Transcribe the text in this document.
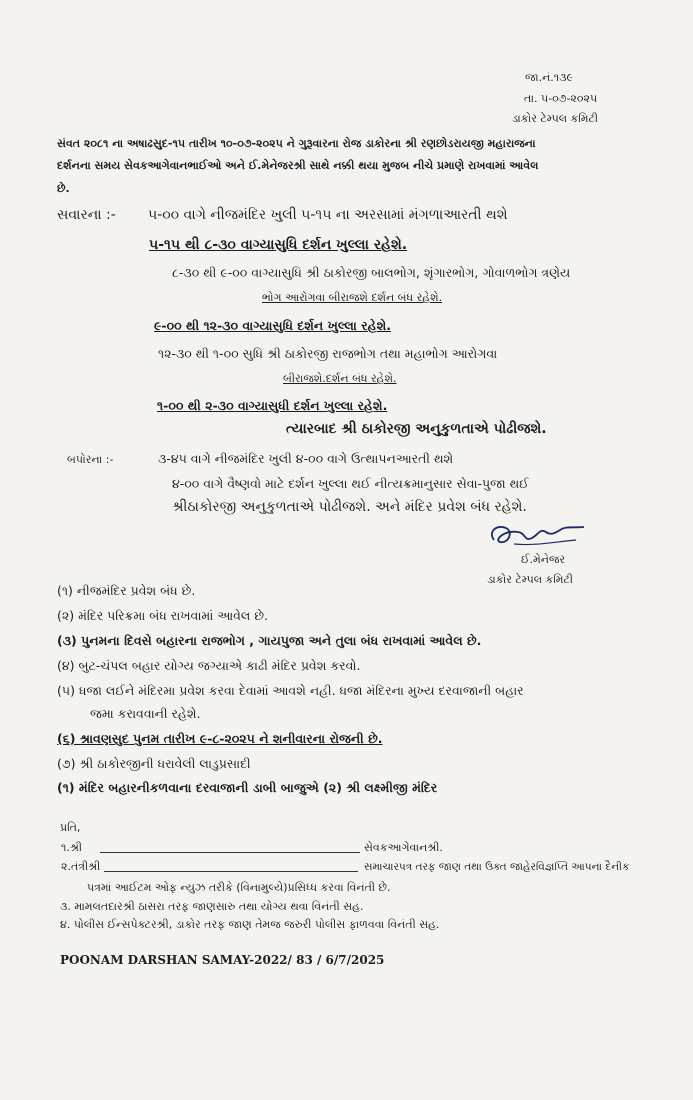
જા.નં.૧૩૯
તા. ૫-૦૭-૨૦૨૫
ડાકોર ટેમ્પલ કમિટી
સંવત ૨૦૮૧ ના અષાઢસુદ-૧૫ તારીખ ૧૦-૦૭-૨૦૨૫ ને ગુરૂવારના રોજ ડાકોરના શ્રી રણછોડરાયજી મહારાજના
દર્શનના સમય સેવકઆગેવાનભાઈઓ અને ઈ.મેનેજરશ્રી સાથે નક્કી થયા મુજબ નીચે પ્રમાણે રાખવામાં આવેલ
છે.
સવારના :- ૫-૦૦ વાગે નીજમંદિર ખુલી ૫-૧૫ ના અરસામાં મંગળાઆરતી થશે
૫-૧૫ થી ૮-૩૦ વાગ્યાસુધિ દર્શન ખુલ્લા રહેશે.
૮-૩૦ થી ૯-૦૦ વાગ્યાસુધિ શ્રી ઠાકોરજી બાલભોગ, શૃંગારભોગ, ગોવાળભોગ ત્રણેય
ભોગ આરોગવા બીરાજશે દર્શન બંધ રહેશે.
૯-૦૦ થી ૧૨-૩૦ વાગ્યાસુધિ દર્શન ખુલ્લા રહેશે.
૧૨-૩૦ થી ૧-૦૦ સુધિ શ્રી ઠાકોરજી રાજભોગ તથા મહાભોગ આરોગવા
બીરાજશે.દર્શન બંધ રહેશે.
૧-૦૦ થી ૨-૩૦ વાગ્યાસુધી દર્શન ખુલ્લા રહેશે.
ત્યારબાદ શ્રી ઠાકોરજી અનુકુળતાએ પોઢીજશે.
બપોરના :-	૩-૪૫ વાગે નીજમંદિર ખુલી ૪-૦૦ વાગે ઉત્થાપનઆરતી થશે
૪-૦૦ વાગે વૈષ્ણવો માટે દર્શન ખુલ્લા થઈ નીત્યક્રમાનુસાર સેવા-પુજા થઈ
શ્રીઠાકોરજી અનુકુળતાએ પોઢીજશે. અને મંદિર પ્રવેશ બંધ રહેશે.
ઈ.મેનેજર
ડાકોર ટેમ્પલ કમિટી
(૧) નીજમંદિર પ્રવેશ બંધ છે.
(૨) મંદિર પરિક્રમા બંધ રાખવામાં આવેલ છે.
(૩) પુનમના દિવસે બહારના રાજભોગ , ગાયપુજા અને તુલા બંધ રાખવામાં આવેલ છે.
(૪) બુટ-ચંપલ બહાર યોગ્ય જગ્યાએ કાઢી મંદિર પ્રવેશ કરવો.
(૫) ધજા લઈને મંદિરમા પ્રવેશ કરવા દેવામાં આવશે નહી. ધજા મંદિરના મુખ્ય દરવાજાની બહાર
જમા કરાવવાની રહેશે.
(૬) શ્રાવણસુદ પુનમ તારીખ ૯-૮-૨૦૨૫ ને શનીવારના રોજની છે.
(૭) શ્રી ઠાકોરજીની ધરાવેલી લાડુપ્રસાદી
(૧) મંદિર બહારનીકળવાના દરવાજાની ડાબી બાજુએ (૨) શ્રી લક્ષ્મીજી મંદિર
પ્રતિ,
૧.શ્રી	સેવકઆગેવાનશ્રી.
૨.તંત્રીશ્રી	સમાચારપત્ર તરફ જાણ તથા ઉક્ત જાહેરવિજ્ઞપ્તિ આપના દૈનીક
પત્રમાં આઈટમ ઓફ ન્યુઝ તરીકે (વિનામુલ્યે)પ્રસિધ્ધ કરવા વિનંતી છે.
૩. મામલતદારશ્રી ઠાસરા તરફ જાણસારુ તથા યોગ્ય થવા વિનંતી સહ.
૪. પોલીસ ઈન્સપેક્ટરશ્રી, ડાકોર તરફ જાણ તેમજ જરુરી પોલીસ ફાળવવા વિનંતી સહ.
POONAM DARSHAN SAMAY-2022/ 83 / 6/7/2025
